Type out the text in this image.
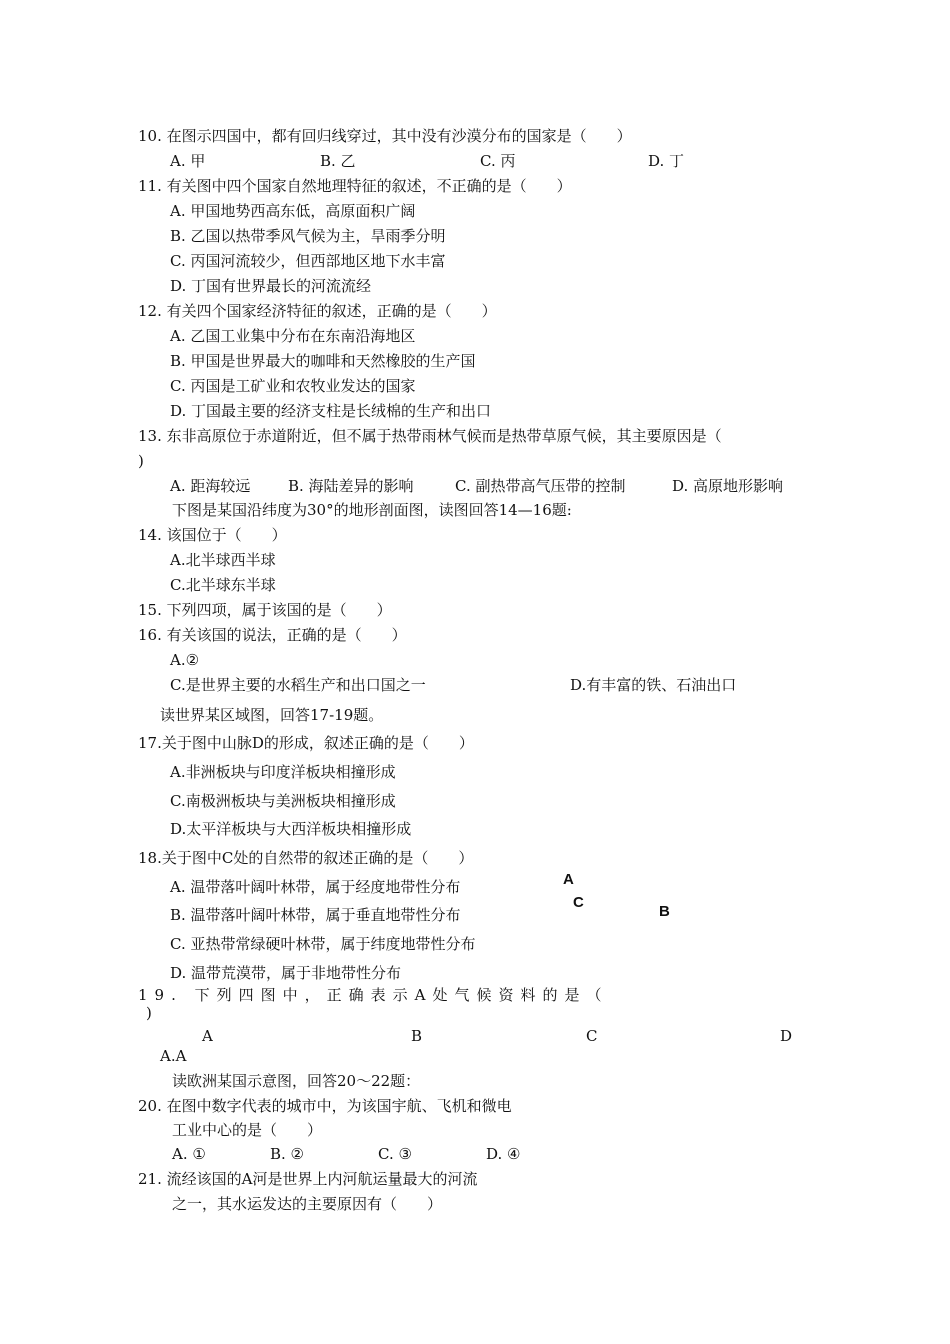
10. 在图示四国中，都有回归线穿过，其中没有沙漠分布的国家是（　　）
A. 甲	B. 乙	C. 丙	D. 丁
11. 有关图中四个国家自然地理特征的叙述，不正确的是（　　）
A. 甲国地势西高东低，高原面积广阔
B. 乙国以热带季风气候为主，旱雨季分明
C. 丙国河流较少，但西部地区地下水丰富
D. 丁国有世界最长的河流流经
12. 有关四个国家经济特征的叙述，正确的是（　　）
A. 乙国工业集中分布在东南沿海地区
B. 甲国是世界最大的咖啡和天然橡胶的生产国
C. 丙国是工矿业和农牧业发达的国家
D. 丁国最主要的经济支柱是长绒棉的生产和出口
13. 东非高原位于赤道附近，但不属于热带雨林气候而是热带草原气候，其主要原因是（
)
A. 距海较远	B. 海陆差异的影响	C. 副热带高气压带的控制	D. 高原地形影响
下图是某国沿纬度为30°的地形剖面图，读图回答14—16题:
14. 该国位于（　　）
A.北半球西半球
C.北半球东半球
15. 下列四项，属于该国的是（　　）
16. 有关该国的说法，正确的是（　　）
A.②
C.是世界主要的水稻生产和出口国之一	D.有丰富的铁、石油出口
读世界某区域图，回答17-19题。
17.关于图中山脉D的形成，叙述正确的是（　　）
A.非洲板块与印度洋板块相撞形成
C.南极洲板块与美洲板块相撞形成
D.太平洋板块与大西洋板块相撞形成
18.关于图中C处的自然带的叙述正确的是（　　）
A. 温带落叶阔叶林带，属于经度地带性分布
B. 温带落叶阔叶林带，属于垂直地带性分布
C. 亚热带常绿硬叶林带，属于纬度地带性分布
D. 温带荒漠带，属于非地带性分布
A
C
B
19. 下列四图中，正确表示A处气候资料的是（
)
A	B	C	D
A.A
读欧洲某国示意图，回答20～22题：
20. 在图中数字代表的城市中，为该国宇航、飞机和微电
工业中心的是（　　）
A. ①	B. ②	C. ③	D. ④
21. 流经该国的A河是世界上内河航运量最大的河流
之一，其水运发达的主要原因有（　　）
